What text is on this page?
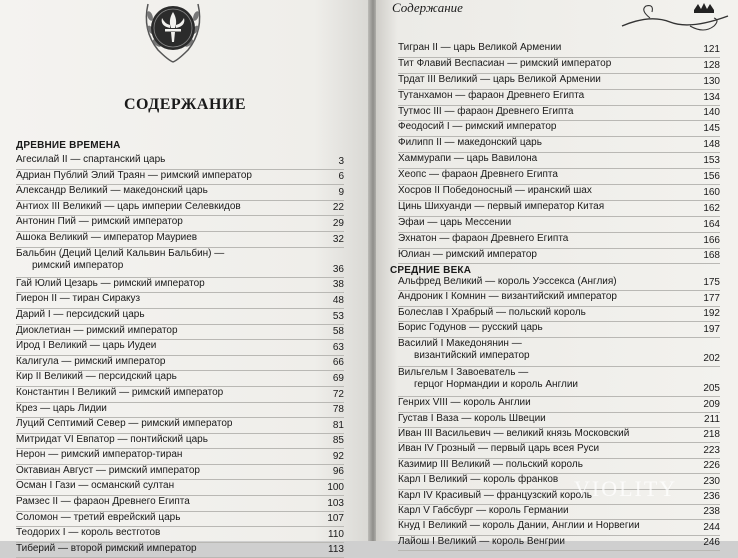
СОДЕРЖАНИЕ
ДРЕВНИЕ ВРЕМЕНА
Агесилай II — спартанский царь	3
Адриан Публий Элий Траян — римский император	6
Александр Великий — македонский царь	9
Антиох III Великий — царь империи Селевкидов	22
Антонин Пий — римский император	29
Ашока Великий — император Мауриев	32
Бальбин (Деций Целий Кальвин Бальбин) —
римский император	36
Гай Юлий Цезарь — римский император	38
Гиерон II — тиран Сиракуз	48
Дарий I — персидский царь	53
Диоклетиан — римский император	58
Ирод I Великий — царь Иудеи	63
Калигула — римский император	66
Кир II Великий — персидский царь	69
Константин I Великий — римский император	72
Крез — царь Лидии	78
Луций Септимий Север — римский император	81
Митридат VI Евпатор — понтийский царь	85
Нерон — римский император-тиран	92
Октавиан Август — римский император	96
Осман I Гази — османский султан	100
Рамзес II — фараон Древнего Египта	103
Соломон — третий еврейский царь	107
Теодорих I — король вестготов	110
Тиберий — второй римский император	113
Содержание
Тигран II — царь Великой Армении	121
Тит Флавий Веспасиан — римский император	128
Трдат III Великий — царь Великой Армении	130
Тутанхамон — фараон Древнего Египта	134
Тутмос III — фараон Древнего Египта	140
Феодосий I — римский император	145
Филипп II — македонский царь	148
Хаммурапи — царь Вавилона	153
Хеопс — фараон Древнего Египта	156
Хосров II Победоносный — иранский шах	160
Цинь Шихуанди — первый император Китая	162
Эфаи — царь Мессении	164
Эхнатон — фараон Древнего Египта	166
Юлиан — римский император	168
СРЕДНИЕ ВЕКА
Альфред Великий — король Уэссекса (Англия)	175
Андроник I Комнин — византийский император	177
Болеслав I Храбрый — польский король	192
Борис Годунов — русский царь	197
Василий I Македонянин —
византийский император	202
Вильгельм I Завоеватель —
герцог Нормандии и король Англии	205
Генрих VIII — король Англии	209
Густав I Ваза — король Швеции	211
Иван III Васильевич — великий князь Московский	218
Иван IV Грозный — первый царь всея Руси	223
Казимир III Великий — польский король	226
Карл I Великий — король франков	230
Карл IV Красивый — французский король	236
Карл V Габсбург — король Германии	238
Кнуд I Великий — король Дании, Англии и Норвегии	244
Лайош I Великий — король Венгрии	246
VIOLITY
